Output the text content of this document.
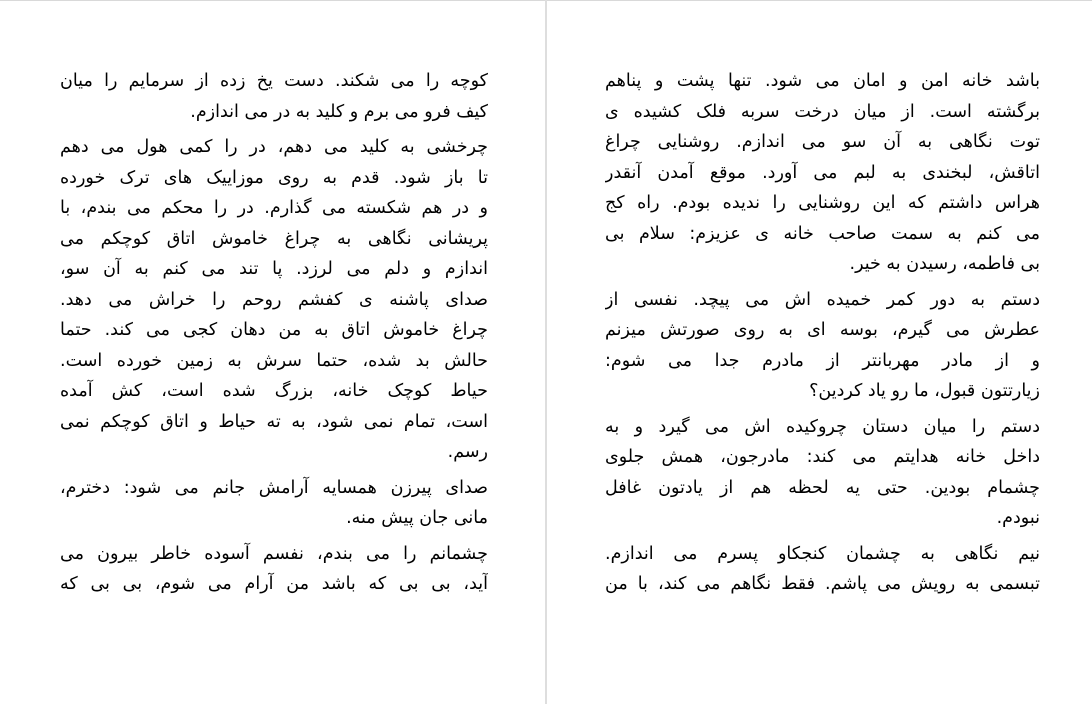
باشد خانه امن و امان می شود. تنها پشت و پناهم
برگشته است. از میان درخت سربه فلک کشیده ی
توت نگاهی به آن سو می اندازم. روشنایی چراغ
اتاقش، لبخندی به لبم می آورد. موقع آمدن آنقدر
هراس داشتم که این روشنایی را ندیده بودم. راه کج
می کنم به سمت صاحب خانه ی عزیزم: سلام بی
بی فاطمه، رسیدن به خیر.

دستم به دور کمر خمیده اش می پیچد. نفسی از
عطرش می گیرم، بوسه ای به روی صورتش میزنم
و از مادر مهربانتر از مادرم جدا می شوم:
زیارتتون قبول، ما رو یاد کردین؟

دستم را میان دستان چروکیده اش می گیرد و به
داخل خانه هدایتم می کند: مادرجون، همش جلوی
چشمام بودین. حتی یه لحظه هم از یادتون غافل
نبودم.

نیم نگاهی به چشمان کنجکاو پسرم می اندازم.
تبسمی به رویش می پاشم. فقط نگاهم می کند، با من

کوچه را می شکند. دست یخ زده از سرمایم را میان
کیف فرو می برم و کلید به در می اندازم.

چرخشی به کلید می دهم، در را کمی هول می دهم
تا باز شود. قدم به روی موزاییک های ترک خورده
و در هم شکسته می گذارم. در را محکم می بندم، با
پریشانی نگاهی به چراغ خاموش اتاق کوچکم می
اندازم و دلم می لرزد. پا تند می کنم به آن سو،
صدای پاشنه ی کفشم روحم را خراش می دهد.
چراغ خاموش اتاق به من دهان کجی می کند. حتما
حالش بد شده، حتما سرش به زمین خورده است.
حیاط کوچک خانه، بزرگ شده است، کش آمده
است، تمام نمی شود، به ته حیاط و اتاق کوچکم نمی
رسم.

صدای پیرزن همسایه آرامش جانم می شود: دخترم،
مانی جان پیش منه.

چشمانم را می بندم، نفسم آسوده خاطر بیرون می
آید، بی بی که باشد من آرام می شوم، بی بی که
